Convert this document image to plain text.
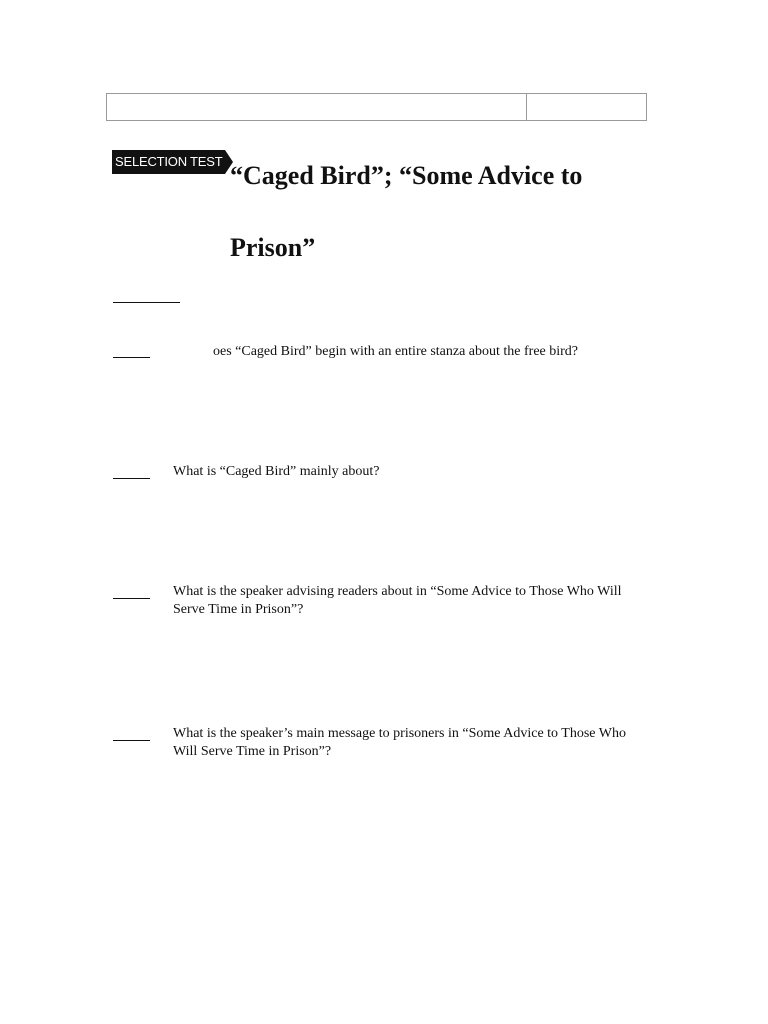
SELECTION TEST “Caged Bird”; “Some Advice to
Prison”
oes “Caged Bird” begin with an entire stanza about the free bird?
What is “Caged Bird” mainly about?
What is the speaker advising readers about in “Some Advice to Those Who Will Serve Time in Prison”?
What is the speaker’s main message to prisoners in “Some Advice to Those Who Will Serve Time in Prison”?
